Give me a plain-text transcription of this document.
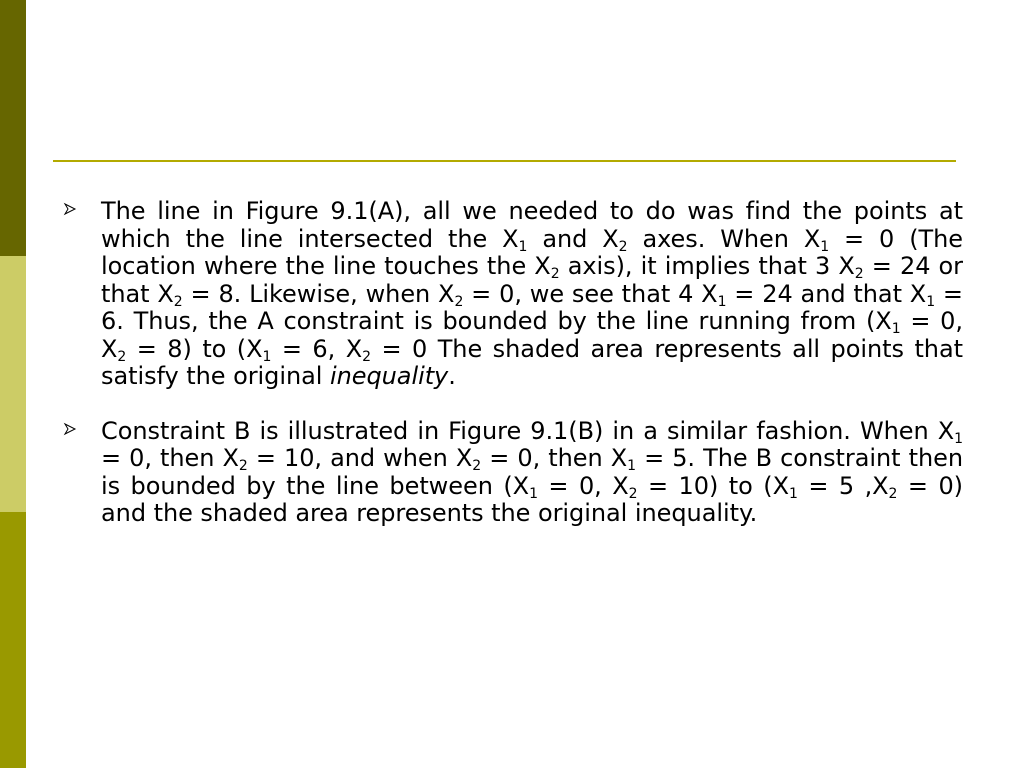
The line in Figure 9.1(A), all we needed to do was find the points at which the line intersected the $X_1$ and $X_2$ axes. When $X_1 = 0$ (The location where the line touches the $X_2$ axis), it implies that 3 $X_2 = 24$ or that $X_2 = 8$. Likewise, when $X_2 = 0$, we see that 4 $X_1 = 24$ and that $X_1 = 6$. Thus, the A constraint is bounded by the line running from ($X_1 = 0$, $X_2 = 8$) to ($X_1 = 6$, $X_2 = 0$ The shaded area represents all points that satisfy the original inequality.
Constraint B is illustrated in Figure 9.1(B) in a similar fashion. When $X_1 = 0$, then $X_2 = 10$, and when $X_2 = 0$, then $X_1 = 5$. The B constraint then is bounded by the line between ($X_1 = 0$, $X_2 = 10$) to ($X_1 = 5$ $,X_2 = 0$) and the shaded area represents the original inequality.
